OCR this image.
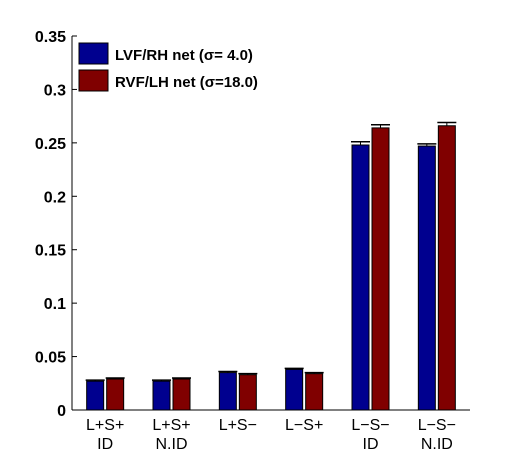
0
0.05
0.1
0.15
0.2
0.25
0.3
0.35
L+S+
ID
L+S+
N.ID
L+S− L−S+ L−S−
ID
L−S−
N.ID
LVF/RH net (σ= 4.0)
RVF/LH net (σ=18.0)
